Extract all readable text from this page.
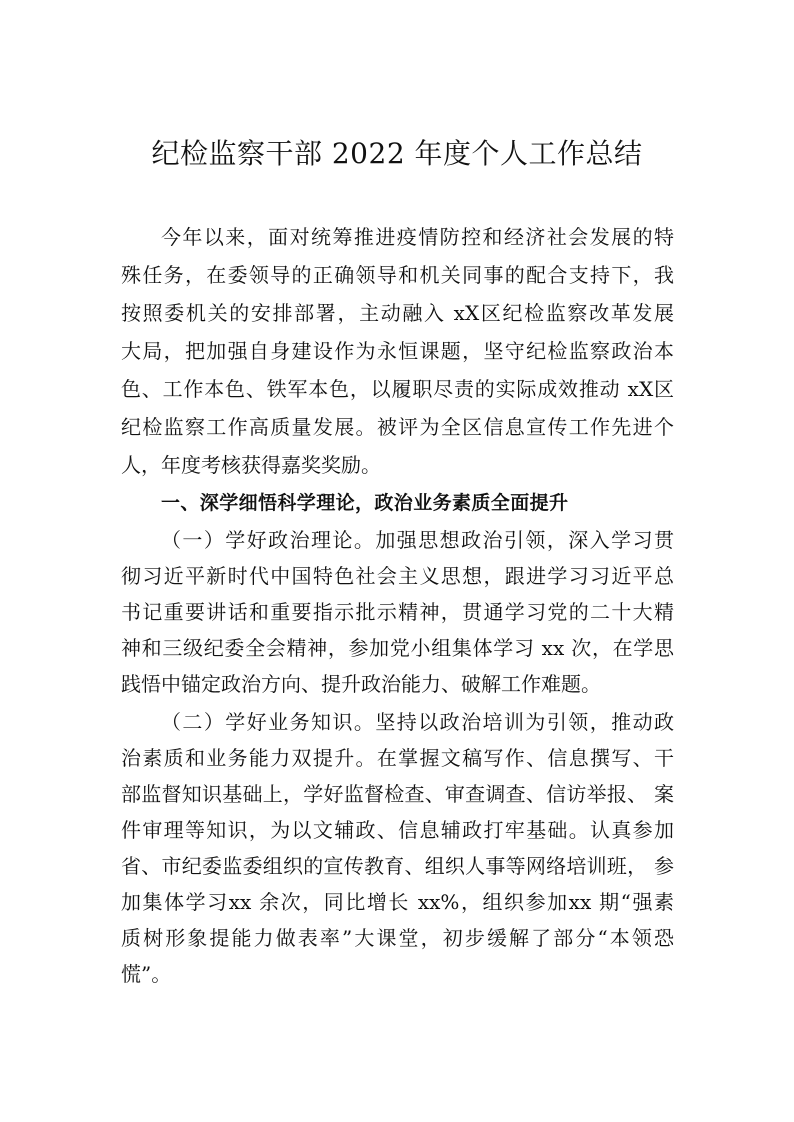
纪检监察干部 2022 年度个人工作总结
今年以来，面对统筹推进疫情防控和经济社会发展的特
殊任务，在委领导的正确领导和机关同事的配合支持下，我
按照委机关的安排部署，主动融入 xX区纪检监察改革发展
大局，把加强自身建设作为永恒课题，坚守纪检监察政治本
色、工作本色、铁军本色，以履职尽责的实际成效推动 xX区
纪检监察工作高质量发展。被评为全区信息宣传工作先进个
人，年度考核获得嘉奖奖励。
一、深学细悟科学理论，政治业务素质全面提升
（一）学好政治理论。加强思想政治引领，深入学习贯
彻习近平新时代中国特色社会主义思想，跟进学习习近平总
书记重要讲话和重要指示批示精神，贯通学习党的二十大精
神和三级纪委全会精神，参加党小组集体学习 xx 次，在学思
践悟中锚定政治方向、提升政治能力、破解工作难题。
（二）学好业务知识。坚持以政治培训为引领，推动政
治素质和业务能力双提升。在掌握文稿写作、信息撰写、干
部监督知识基础上，学好监督检查、审查调查、信访举报、 案
件审理等知识，为以文辅政、信息辅政打牢基础。认真参加
省、市纪委监委组织的宣传教育、组织人事等网络培训班， 参
加集体学习xx 余次，同比增长 xx%，组织参加xx 期“强素
质树形象提能力做表率”大课堂，初步缓解了部分“本领恐
慌”。
